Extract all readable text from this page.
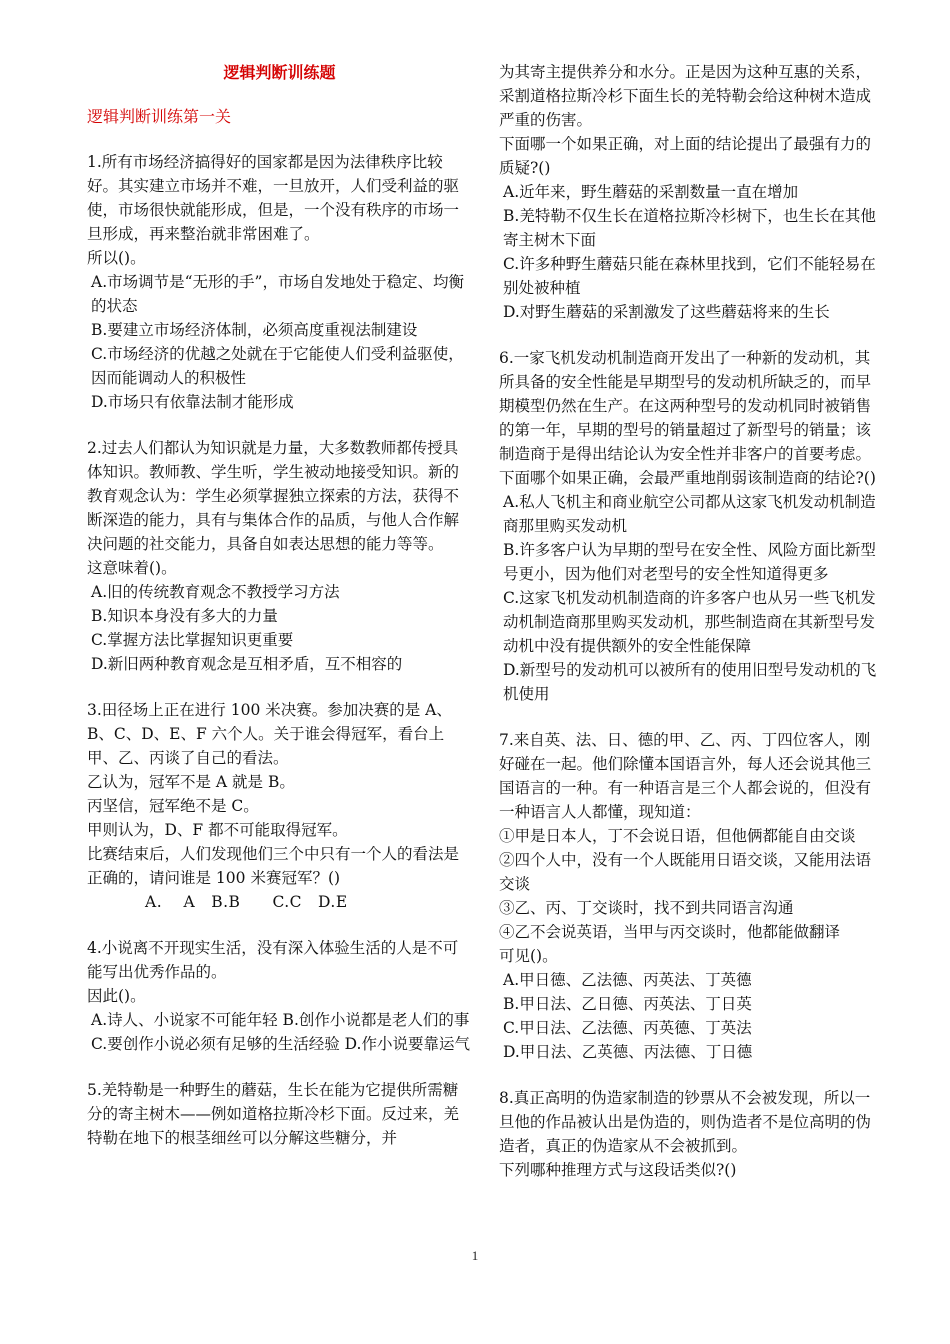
逻辑判断训练题
逻辑判断训练第一关

1.所有市场经济搞得好的国家都是因为法律秩序比较好。其实建立市场并不难，一旦放开，人们受利益的驱使，市场很快就能形成，但是，一个没有秩序的市场一旦形成，再来整治就非常困难了。

所以()。

A.市场调节是“无形的手”，市场自发地处于稳定、均衡的状态

B.要建立市场经济体制，必须高度重视法制建设

C.市场经济的优越之处就在于它能使人们受利益驱使，因而能调动人的积极性

D.市场只有依靠法制才能形成

2.过去人们都认为知识就是力量，大多数教师都传授具体知识。教师教、学生听，学生被动地接受知识。新的教育观念认为：学生必须掌握独立探索的方法，获得不断深造的能力，具有与集体合作的品质，与他人合作解决问题的社交能力，具备自如表达思想的能力等等。

这意味着()。

A.旧的传统教育观念不教授学习方法

B.知识本身没有多大的力量

C.掌握方法比掌握知识更重要

D.新旧两种教育观念是互相矛盾，互不相容的

3.田径场上正在进行 100 米决赛。参加决赛的是 A、B、C、D、E、F 六个人。关于谁会得冠军，看台上甲、乙、丙谈了自己的看法。

乙认为，冠军不是 A 就是 B。

丙坚信，冠军绝不是 C。

甲则认为，D、F 都不可能取得冠军。

比赛结束后，人们发现他们三个中只有一个人的看法是正确的，请问谁是 100 米赛冠军？()

A.　 A　B.B　　C.C　D.E

4.小说离不开现实生活，没有深入体验生活的人是不可能写出优秀作品的。

因此()。

A.诗人、小说家不可能年轻 B.创作小说都是老人们的事

C.要创作小说必须有足够的生活经验 D.作小说要靠运气

5.羌特勒是一种野生的蘑菇，生长在能为它提供所需糖分的寄主树木——例如道格拉斯冷杉下面。反过来，羌特勒在地下的根茎细丝可以分解这些糖分，并

为其寄主提供养分和水分。正是因为这种互惠的关系，采割道格拉斯冷杉下面生长的羌特勒会给这种树木造成严重的伤害。

下面哪一个如果正确，对上面的结论提出了最强有力的质疑?()

A.近年来，野生蘑菇的采割数量一直在增加

B.羌特勒不仅生长在道格拉斯冷杉树下，也生长在其他寄主树木下面

C.许多种野生蘑菇只能在森林里找到，它们不能轻易在别处被种植

D.对野生蘑菇的采割激发了这些蘑菇将来的生长

6.一家飞机发动机制造商开发出了一种新的发动机，其所具备的安全性能是早期型号的发动机所缺乏的，而早期模型仍然在生产。在这两种型号的发动机同时被销售的第一年，早期的型号的销量超过了新型号的销量；该制造商于是得出结论认为安全性并非客户的首要考虑。

下面哪个如果正确，会最严重地削弱该制造商的结论?()

A.私人飞机主和商业航空公司都从这家飞机发动机制造商那里购买发动机

B.许多客户认为早期的型号在安全性、风险方面比新型号更小，因为他们对老型号的安全性知道得更多

C.这家飞机发动机制造商的许多客户也从另一些飞机发动机制造商那里购买发动机，那些制造商在其新型号发动机中没有提供额外的安全性能保障

D.新型号的发动机可以被所有的使用旧型号发动机的飞机使用

7.来自英、法、日、德的甲、乙、丙、丁四位客人，刚好碰在一起。他们除懂本国语言外，每人还会说其他三国语言的一种。有一种语言是三个人都会说的，但没有一种语言人人都懂，现知道：

①甲是日本人，丁不会说日语，但他俩都能自由交谈

②四个人中，没有一个人既能用日语交谈，又能用法语交谈

③乙、丙、丁交谈时，找不到共同语言沟通

④乙不会说英语，当甲与丙交谈时，他都能做翻译

可见()。

A.甲日德、乙法德、丙英法、丁英德

B.甲日法、乙日德、丙英法、丁日英

C.甲日法、乙法德、丙英德、丁英法

D.甲日法、乙英德、丙法德、丁日德

8.真正高明的伪造家制造的钞票从不会被发现，所以一旦他的作品被认出是伪造的，则伪造者不是位高明的伪造者，真正的伪造家从不会被抓到。

下列哪种推理方式与这段话类似?()

1
